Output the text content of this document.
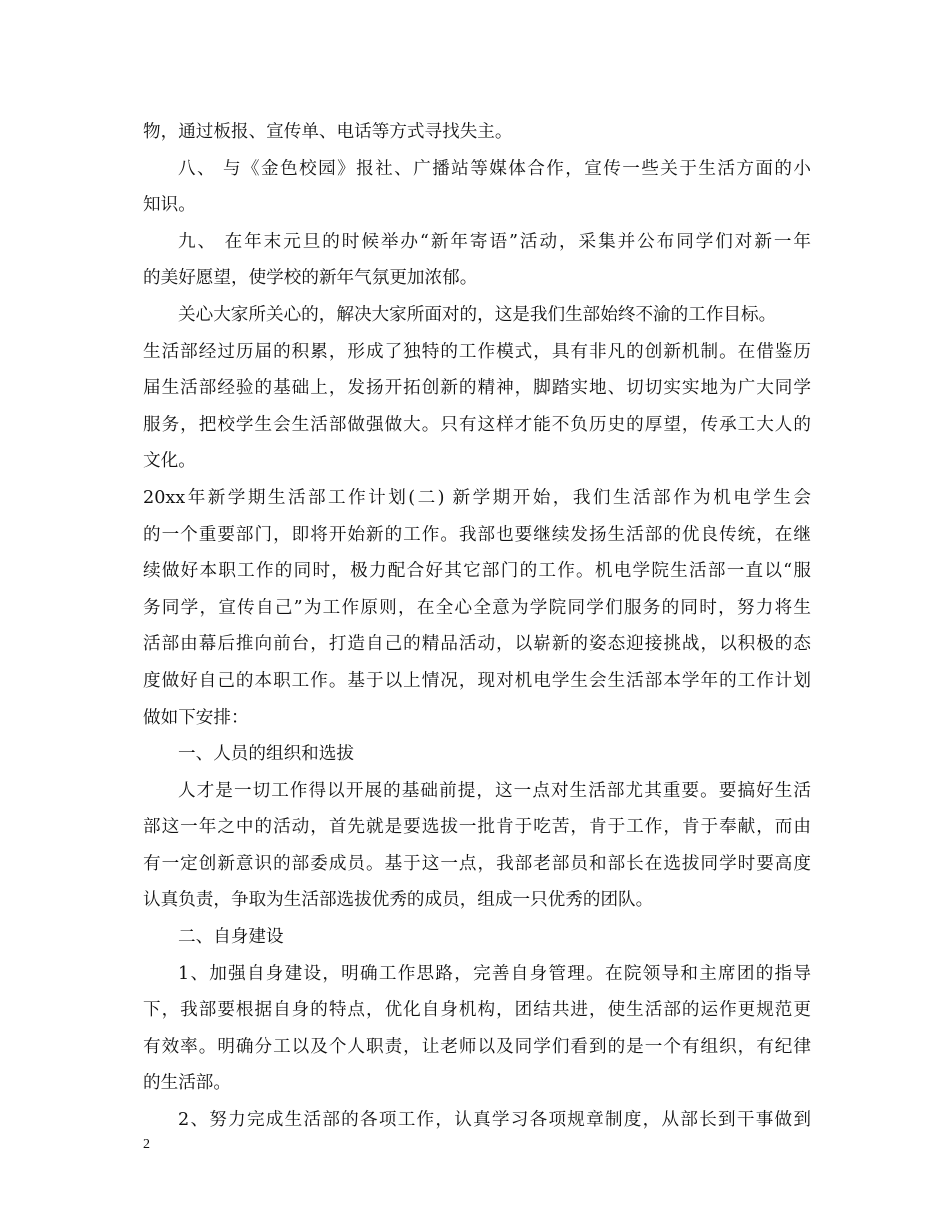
物，通过板报、宣传单、电话等方式寻找失主。
八、 与《金色校园》报社、广播站等媒体合作，宣传一些关于生活方面的小
知识。
九、 在年末元旦的时候举办“新年寄语”活动，采集并公布同学们对新一年
的美好愿望，使学校的新年气氛更加浓郁。
关心大家所关心的，解决大家所面对的，这是我们生部始终不渝的工作目标。
生活部经过历届的积累，形成了独特的工作模式，具有非凡的创新机制。在借鉴历
届生活部经验的基础上，发扬开拓创新的精神，脚踏实地、切切实实地为广大同学
服务，把校学生会生活部做强做大。只有这样才能不负历史的厚望，传承工大人的
文化。
20xx年新学期生活部工作计划(二) 新学期开始，我们生活部作为机电学生会
的一个重要部门，即将开始新的工作。我部也要继续发扬生活部的优良传统，在继
续做好本职工作的同时，极力配合好其它部门的工作。机电学院生活部一直以“服
务同学，宣传自己”为工作原则，在全心全意为学院同学们服务的同时，努力将生
活部由幕后推向前台，打造自己的精品活动，以崭新的姿态迎接挑战，以积极的态
度做好自己的本职工作。基于以上情况，现对机电学生会生活部本学年的工作计划
做如下安排：
一、人员的组织和选拔
人才是一切工作得以开展的基础前提，这一点对生活部尤其重要。要搞好生活
部这一年之中的活动，首先就是要选拔一批肯于吃苦，肯于工作，肯于奉献，而由
有一定创新意识的部委成员。基于这一点，我部老部员和部长在选拔同学时要高度
认真负责，争取为生活部选拔优秀的成员，组成一只优秀的团队。
二、自身建设
1、加强自身建设，明确工作思路，完善自身管理。在院领导和主席团的指导
下，我部要根据自身的特点，优化自身机构，团结共进，使生活部的运作更规范更
有效率。明确分工以及个人职责，让老师以及同学们看到的是一个有组织，有纪律
的生活部。
2、努力完成生活部的各项工作，认真学习各项规章制度，从部长到干事做到
2
